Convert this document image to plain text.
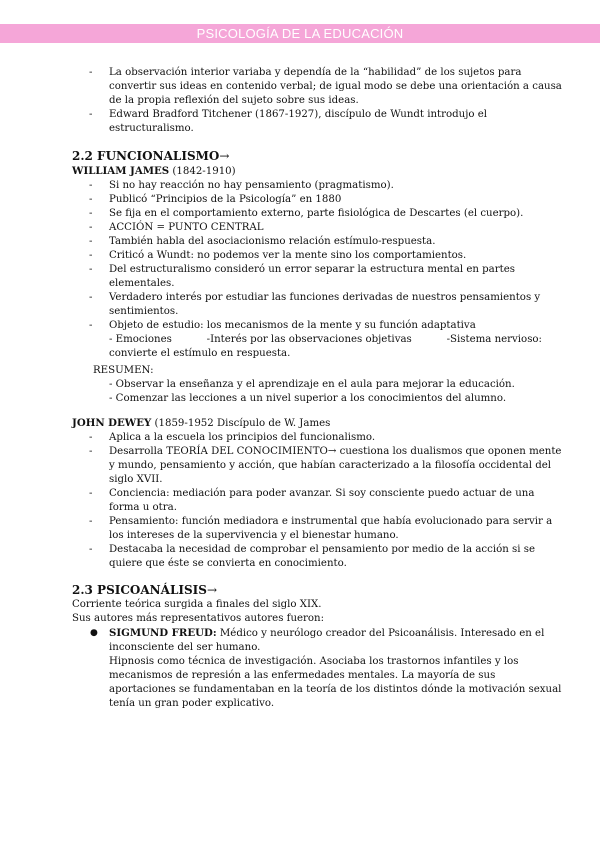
PSICOLOGÍA DE LA EDUCACIÓN
- La observación interior variaba y dependía de la “habilidad” de los sujetos para convertir sus ideas en contenido verbal; de igual modo se debe una orientación a causa de la propia reflexión del sujeto sobre sus ideas.
- Edward Bradford Titchener (1867-1927), discípulo de Wundt introdujo el estructuralismo.
2.2 FUNCIONALISMO→

WILLIAM JAMES (1842-1910)

- Si no hay reacción no hay pensamiento (pragmatismo).
- Publicó “Principios de la Psicología” en 1880
- Se fija en el comportamiento externo, parte fisiológica de Descartes (el cuerpo).
- ACCIÓN = PUNTO CENTRAL
- También habla del asociacionismo relación estímulo-respuesta.
- Criticó a Wundt: no podemos ver la mente sino los comportamientos.
- Del estructuralismo consideró un error separar la estructura mental en partes elementales.
- Verdadero interés por estudiar las funciones derivadas de nuestros pensamientos y sentimientos.
- Objeto de estudio: los mecanismos de la mente y su función adaptativa
- Emociones	-Interés por las observaciones objetivas	-Sistema nervioso:
convierte el estímulo en respuesta.
RESUMEN:
- Observar la enseñanza y el aprendizaje en el aula para mejorar la educación.
- Comenzar las lecciones a un nivel superior a los conocimientos del alumno.

JOHN DEWEY (1859-1952 Discípulo de W. James

- Aplica a la escuela los principios del funcionalismo.
- Desarrolla TEORÍA DEL CONOCIMIENTO→ cuestiona los dualismos que oponen mente y mundo, pensamiento y acción, que habían caracterizado a la filosofía occidental del siglo XVII.
- Conciencia: mediación para poder avanzar. Si soy consciente puedo actuar de una forma u otra.
- Pensamiento: función mediadora e instrumental que había evolucionado para servir a los intereses de la supervivencia y el bienestar humano.
- Destacaba la necesidad de comprobar el pensamiento por medio de la acción si se quiere que éste se convierta en conocimiento.
2.3 PSICOANÁLISIS→

Corriente teórica surgida a finales del siglo XIX.

Sus autores más representativos autores fueron:

● SIGMUND FREUD: Médico y neurólogo creador del Psicoanálisis. Interesado en el inconsciente del ser humano.

Hipnosis como técnica de investigación. Asociaba los trastornos infantiles y los mecanismos de represión a las enfermedades mentales. La mayoría de sus aportaciones se fundamentaban en la teoría de los distintos dónde la motivación sexual tenía un gran poder explicativo.
